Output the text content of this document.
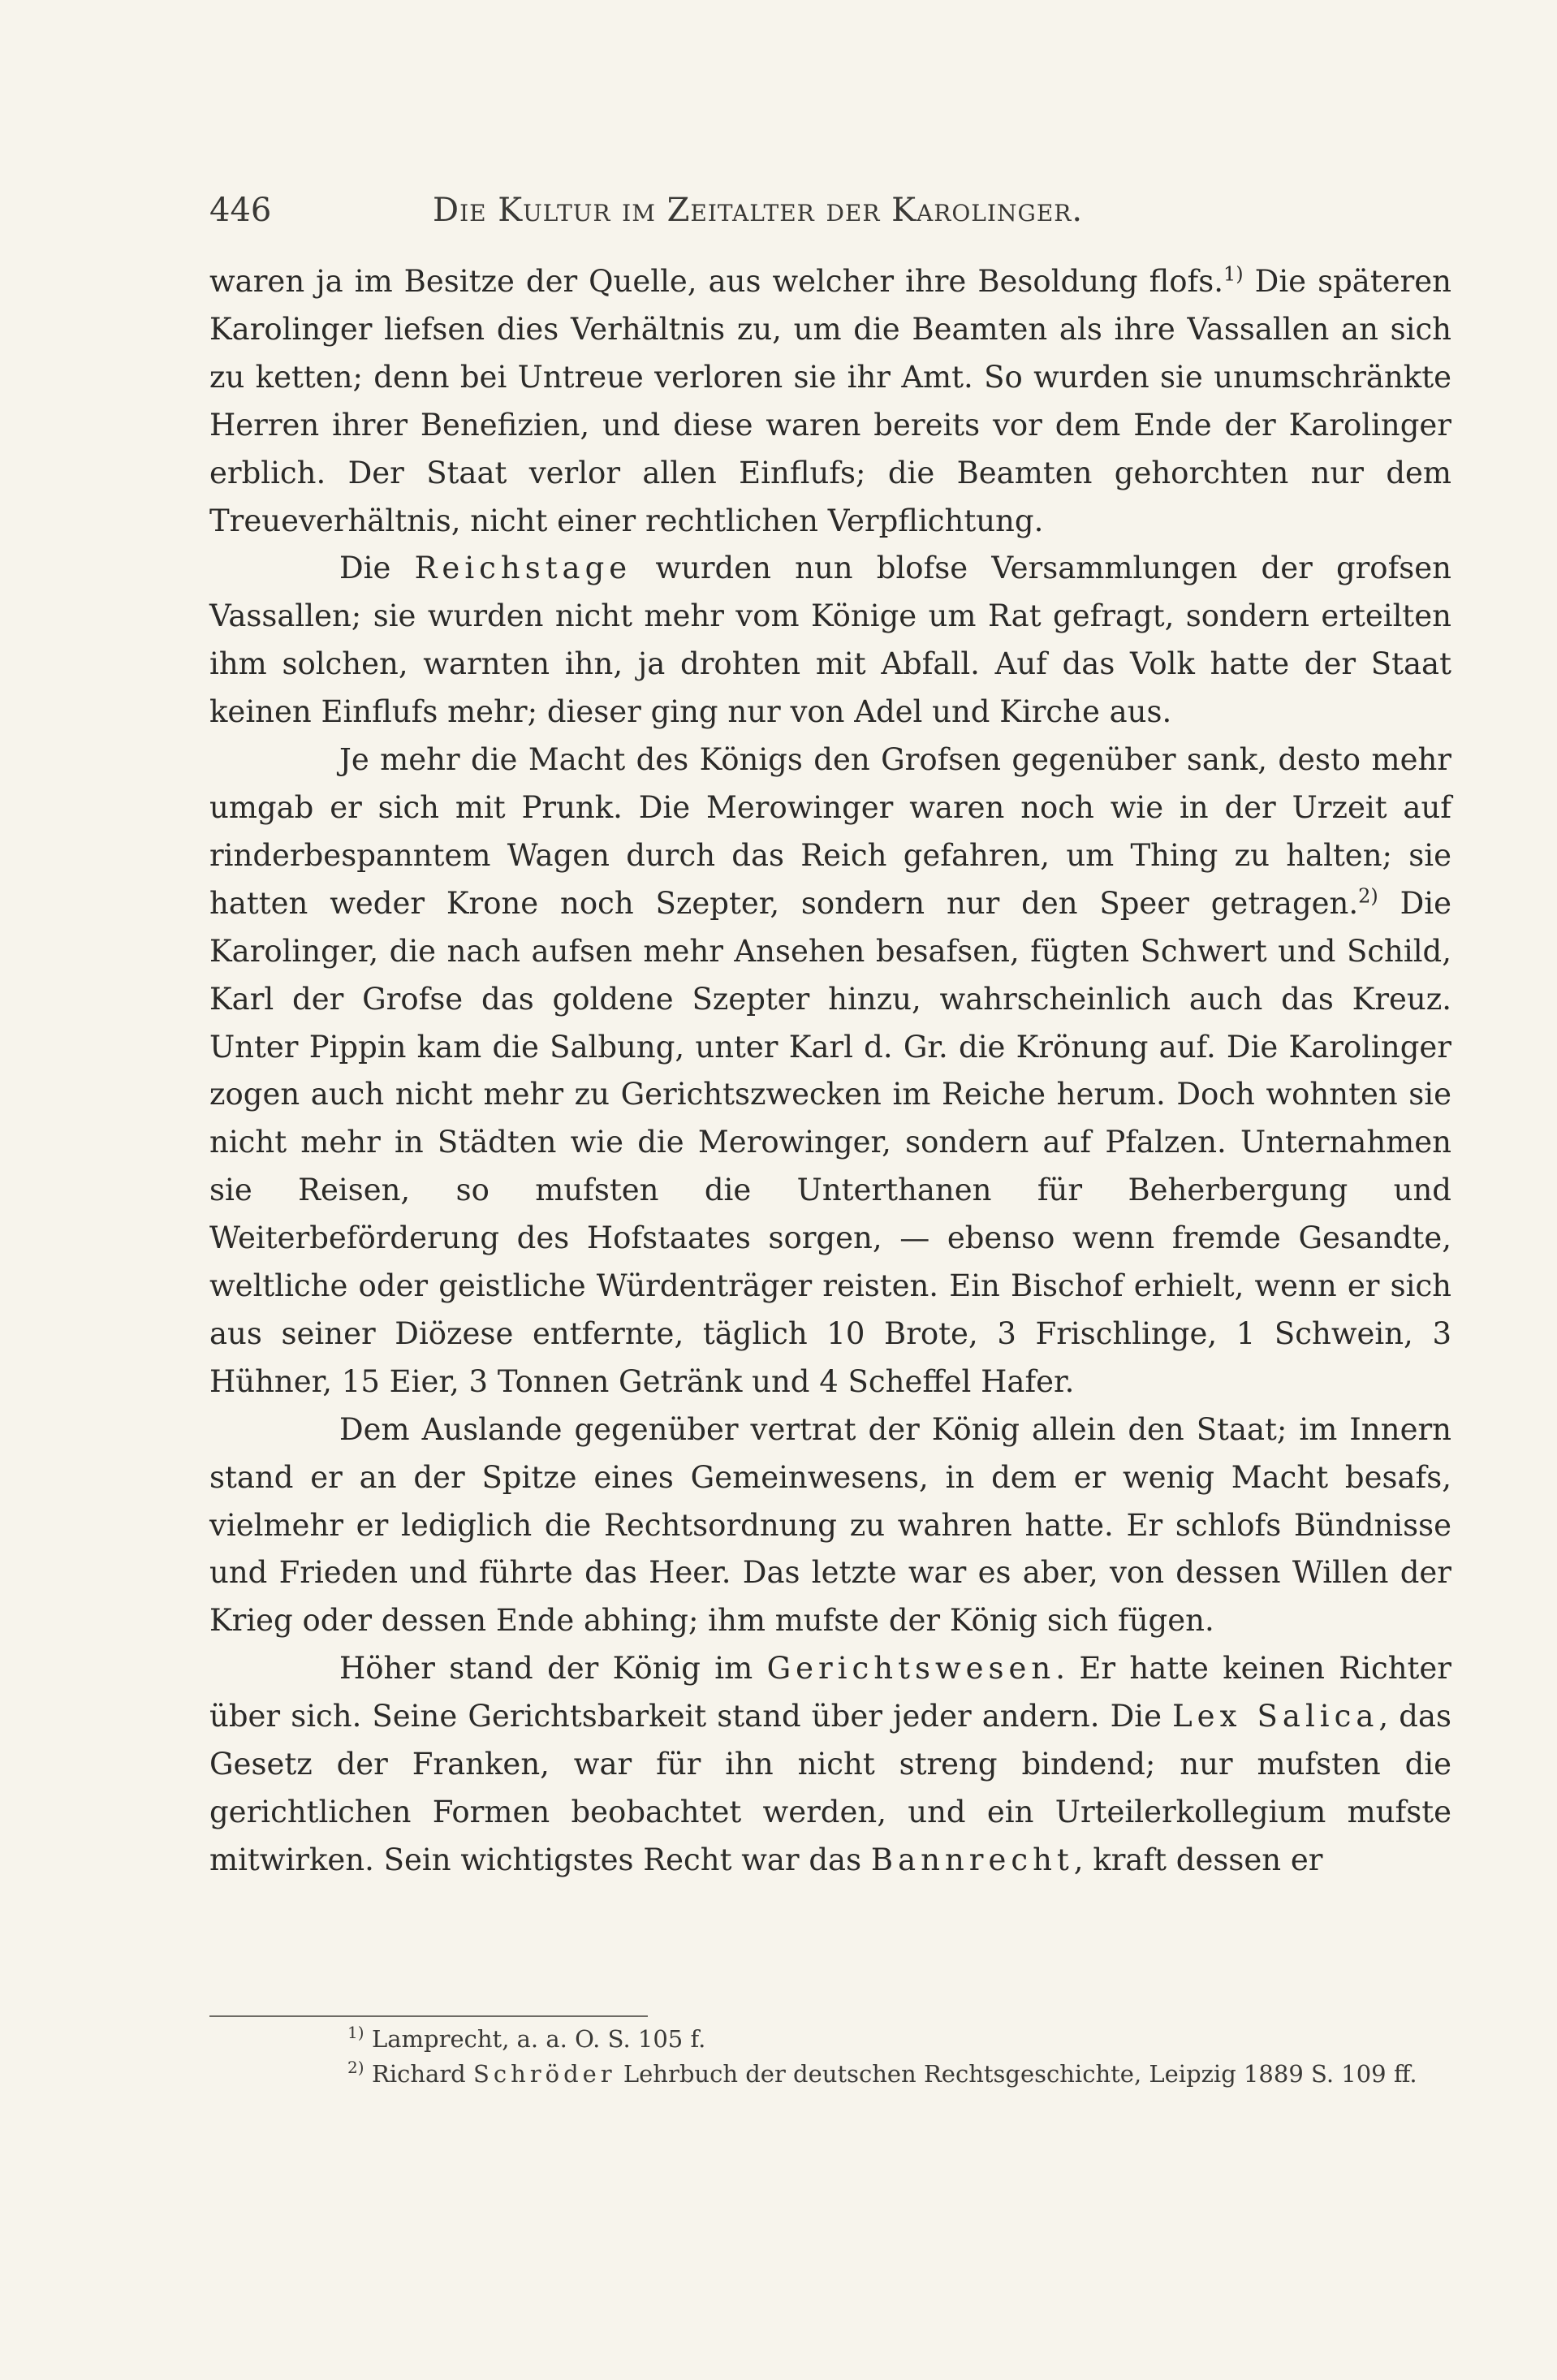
446	Die Kultur im Zeitalter der Karolinger.

waren ja im Besitze der Quelle, aus welcher ihre Besoldung flofs.$^{1)}$ Die späteren Karolinger liefsen dies Verhältnis zu, um die Beamten als ihre Vassallen an sich zu ketten; denn bei Untreue verloren sie ihr Amt. So wurden sie unumschränkte Herren ihrer Benefizien, und diese waren bereits vor dem Ende der Karolinger erblich. Der Staat verlor allen Einflufs; die Beamten gehorchten nur dem Treueverhältnis, nicht einer rechtlichen Verpflichtung.

Die Reichstage wurden nun blofse Versammlungen der grofsen Vassallen; sie wurden nicht mehr vom Könige um Rat gefragt, sondern erteilten ihm solchen, warnten ihn, ja drohten mit Abfall. Auf das Volk hatte der Staat keinen Einflufs mehr; dieser ging nur von Adel und Kirche aus.

Je mehr die Macht des Königs den Grofsen gegenüber sank, desto mehr umgab er sich mit Prunk. Die Merowinger waren noch wie in der Urzeit auf rinderbespanntem Wagen durch das Reich gefahren, um Thing zu halten; sie hatten weder Krone noch Szepter, sondern nur den Speer getragen.$^{2)}$ Die Karolinger, die nach aufsen mehr Ansehen besafsen, fügten Schwert und Schild, Karl der Grofse das goldene Szepter hinzu, wahrscheinlich auch das Kreuz. Unter Pippin kam die Salbung, unter Karl d. Gr. die Krönung auf. Die Karolinger zogen auch nicht mehr zu Gerichtszwecken im Reiche herum. Doch wohnten sie nicht mehr in Städten wie die Merowinger, sondern auf Pfalzen. Unternahmen sie Reisen, so mufsten die Unterthanen für Beherbergung und Weiterbeförderung des Hofstaates sorgen, — ebenso wenn fremde Gesandte, weltliche oder geistliche Würdenträger reisten. Ein Bischof erhielt, wenn er sich aus seiner Diözese entfernte, täglich 10 Brote, 3 Frischlinge, 1 Schwein, 3 Hühner, 15 Eier, 3 Tonnen Getränk und 4 Scheffel Hafer.

Dem Auslande gegenüber vertrat der König allein den Staat; im Innern stand er an der Spitze eines Gemeinwesens, in dem er wenig Macht besafs, vielmehr er lediglich die Rechtsordnung zu wahren hatte. Er schlofs Bündnisse und Frieden und führte das Heer. Das letzte war es aber, von dessen Willen der Krieg oder dessen Ende abhing; ihm mufste der König sich fügen.

Höher stand der König im Gerichtswesen. Er hatte keinen Richter über sich. Seine Gerichtsbarkeit stand über jeder andern. Die Lex Salica, das Gesetz der Franken, war für ihn nicht streng bindend; nur mufsten die gerichtlichen Formen beobachtet werden, und ein Urteilerkollegium mufste mitwirken. Sein wichtigstes Recht war das Bannrecht, kraft dessen er

1) Lamprecht, a. a. O. S. 105 f.
2) Richard Schröder Lehrbuch der deutschen Rechtsgeschichte, Leipzig 1889 S. 109 ff.
